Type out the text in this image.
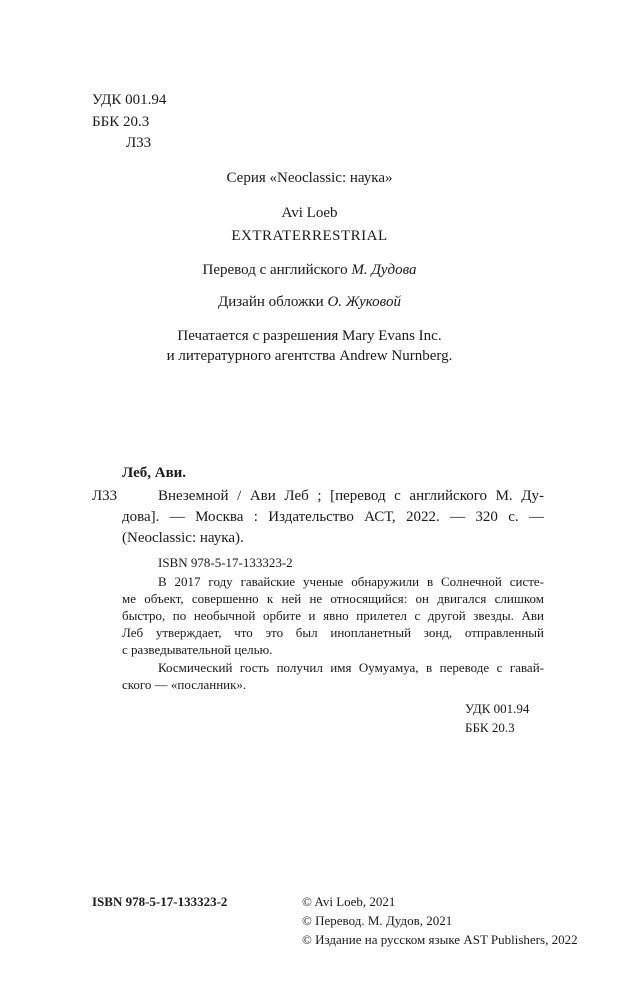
УДК 001.94
ББК 20.3
Л33
Серия «Neoclassic: наука»
Avi Loeb
EXTRATERRESTRIAL
Перевод с английского М. Дудова
Дизайн обложки О. Жуковой
Печатается с разрешения Mary Evans Inc.
и литературного агентства Andrew Nurnberg.
Леб, Ави.
Л33	Внеземной / Ави Леб ; [перевод с английского М. Ду-
дова]. — Москва : Издательство АСТ, 2022. — 320 с. —
(Neoclassic: наука).
ISBN 978-5-17-133323-2
В 2017 году гавайские ученые обнаружили в Солнечной систе-
ме объект, совершенно к ней не относящийся: он двигался слишком
быстро, по необычной орбите и явно прилетел с другой звезды. Ави
Леб утверждает, что это был инопланетный зонд, отправленный
с разведывательной целью.
Космический гость получил имя Оумуамуа, в переводе с гавай-
ского — «посланник».
УДК 001.94
ББК 20.3
ISBN 978-5-17-133323-2	© Avi Loeb, 2021
© Перевод. М. Дудов, 2021
© Издание на русском языке AST Publishers, 2022
